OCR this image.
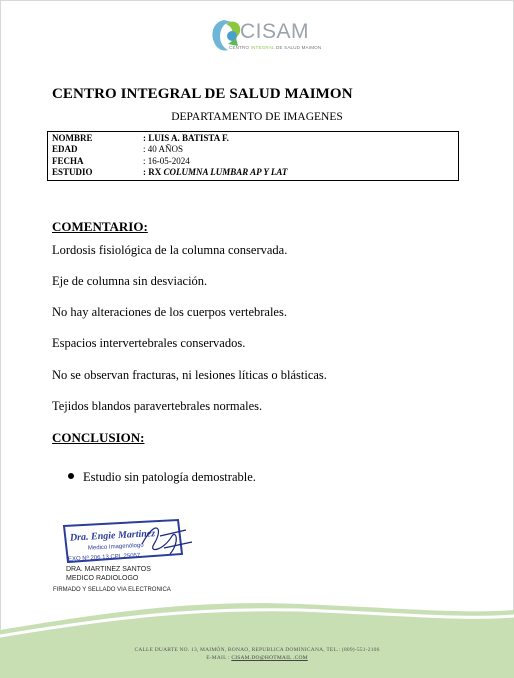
CISAM
CENTRO INTEGRAL DE SALUD MAIMON
CENTRO INTEGRAL DE SALUD MAIMON
DEPARTAMENTO DE IMAGENES
NOMBRE	: LUIS A. BATISTA F.
EDAD	: 40 AÑOS
FECHA	: 16-05-2024
ESTUDIO	: RX COLUMNA LUMBAR AP Y LAT
COMENTARIO:
Lordosis fisiológica de la columna conservada.
Eje de columna sin desviación.
No hay alteraciones de los cuerpos vertebrales.
Espacios intervertebrales conservados.
No se observan fracturas, ni lesiones líticas o blásticas.
Tejidos blandos paravertebrales normales.
CONCLUSION:
Estudio sin patología demostrable.
Dra. Engie Martinez
Medico Imagenólogo
EXQ Nº 206 13 CPL 25057
DRA. MARTINEZ SANTOS
MEDICO RADIOLOGO
FIRMADO Y SELLADO VIA ELECTRONICA
CALLE DUARTE NO. 13, MAIMÓN, BONAO, REPUBLICA DOMINICANA, TEL.: (809)-551-2106
E-MAIL : CISAM.DO@HOTMAIL .COM
